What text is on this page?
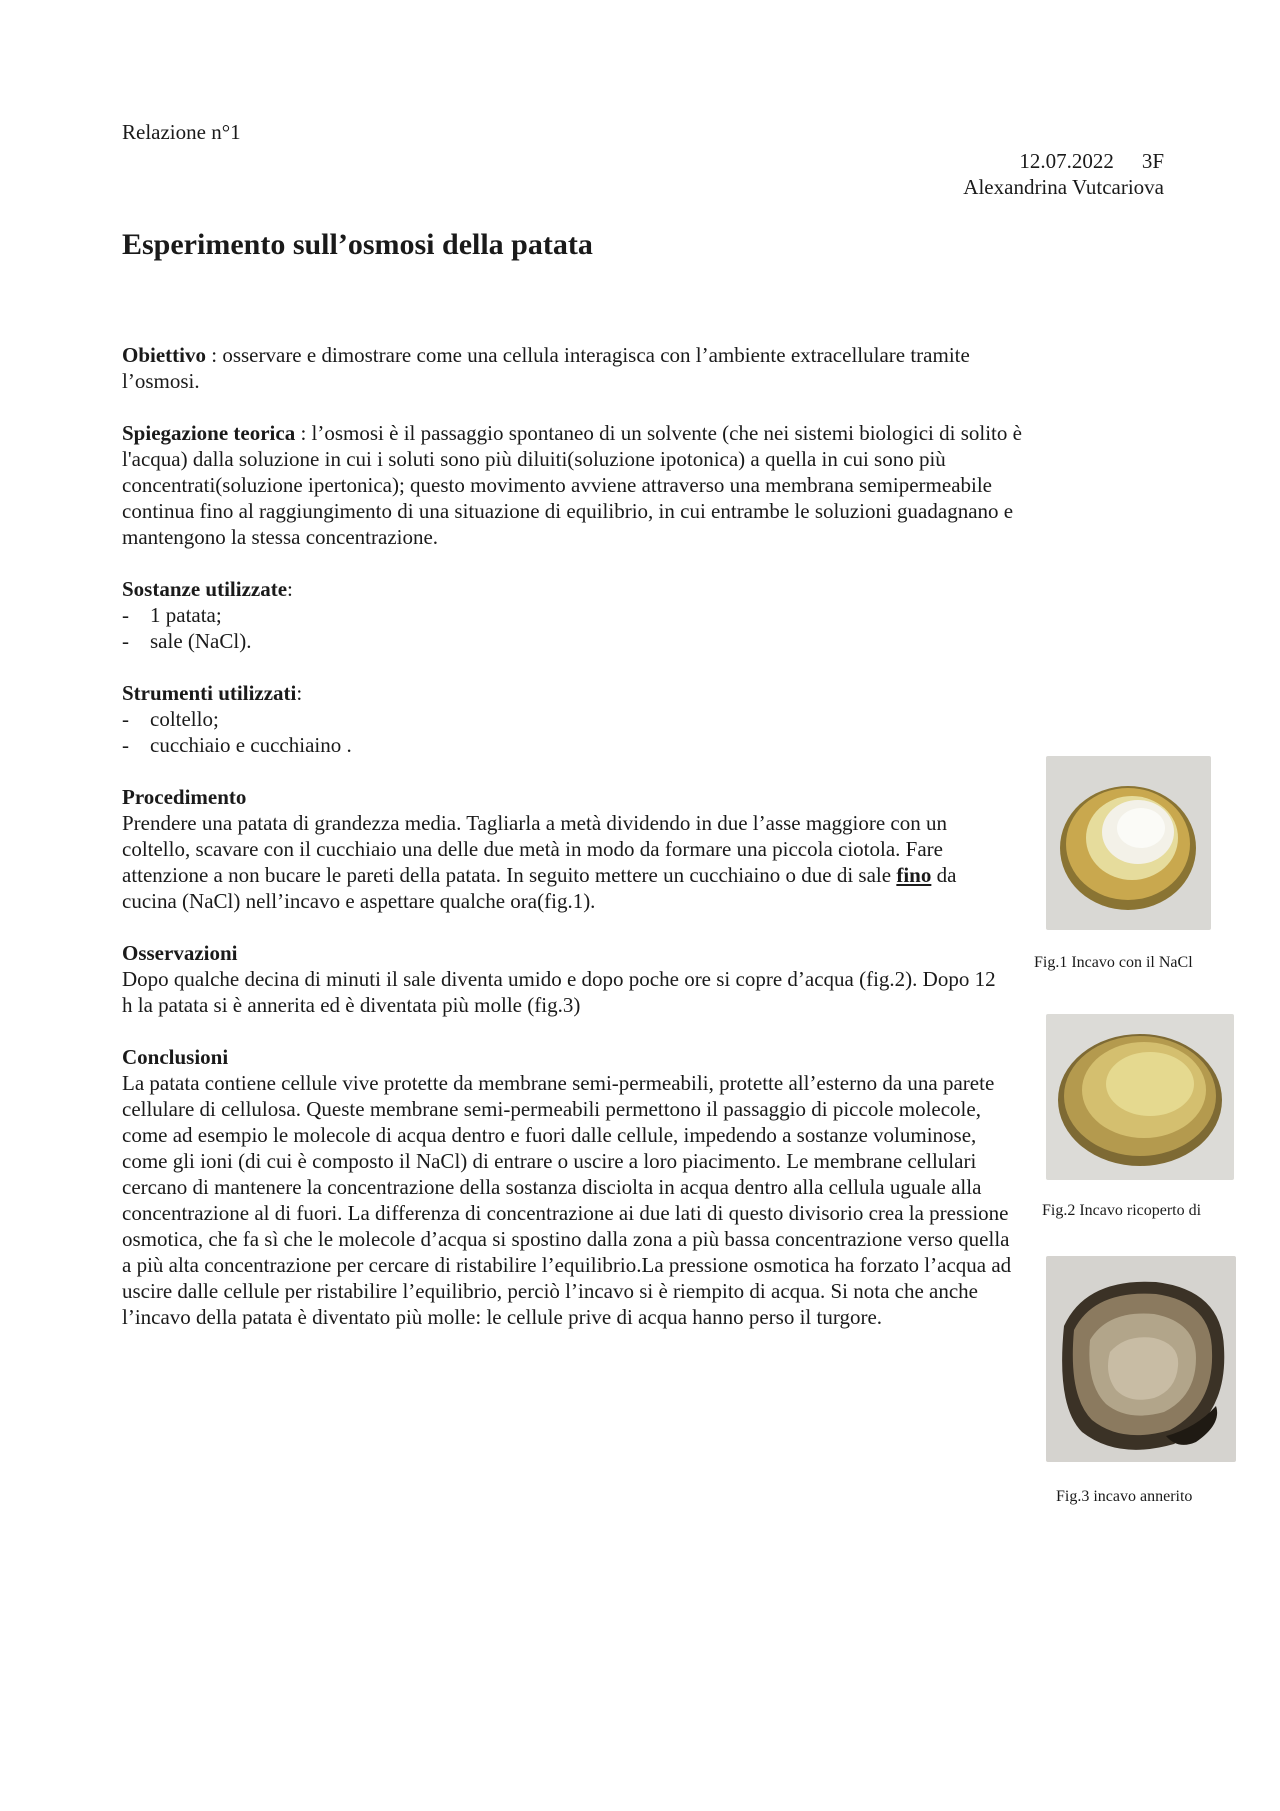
Relazione n°1
12.07.2022 3F
Alexandrina Vutcariova
Esperimento sull’osmosi della patata

Obiettivo : osservare e dimostrare come una cellula interagisca con l’ambiente extracellulare tramite l’osmosi.

Spiegazione teorica : l’osmosi è il passaggio spontaneo di un solvente (che nei sistemi biologici di solito è l'acqua) dalla soluzione in cui i soluti sono più diluiti(soluzione ipotonica) a quella in cui sono più concentrati(soluzione ipertonica); questo movimento avviene attraverso una membrana semipermeabile continua fino al raggiungimento di una situazione di equilibrio, in cui entrambe le soluzioni guadagnano e mantengono la stessa concentrazione.

Sostanze utilizzate:

- 1 patata;
- sale (NaCl).

Strumenti utilizzati:

- coltello;
- cucchiaio e cucchiaino .

Procedimento

Prendere una patata di grandezza media. Tagliarla a metà dividendo in due l’asse maggiore con un coltello, scavare con il cucchiaio una delle due metà in modo da formare una piccola ciotola. Fare attenzione a non bucare le pareti della patata. In seguito mettere un cucchiaino o due di sale fino da cucina (NaCl) nell’incavo e aspettare qualche ora(fig.1).

Osservazioni

Dopo qualche decina di minuti il sale diventa umido e dopo poche ore si copre d’acqua (fig.2). Dopo 12 h la patata si è annerita ed è diventata più molle (fig.3)

Conclusioni

La patata contiene cellule vive protette da membrane semi-permeabili, protette all’esterno da una parete cellulare di cellulosa. Queste membrane semi-permeabili permettono il passaggio di piccole molecole, come ad esempio le molecole di acqua dentro e fuori dalle cellule, impedendo a sostanze voluminose, come gli ioni (di cui è composto il NaCl) di entrare o uscire a loro piacimento. Le membrane cellulari cercano di mantenere la concentrazione della sostanza disciolta in acqua dentro alla cellula uguale alla concentrazione al di fuori. La differenza di concentrazione ai due lati di questo divisorio crea la pressione osmotica, che fa sì che le molecole d’acqua si spostino dalla zona a più bassa concentrazione verso quella a più alta concentrazione per cercare di ristabilire l’equilibrio.La pressione osmotica ha forzato l’acqua ad uscire dalle cellule per ristabilire l’equilibrio, perciò l’incavo si è riempito di acqua. Si nota che anche l’incavo della patata è diventato più molle: le cellule prive di acqua hanno perso il turgore.

Fig.1 Incavo con il NaCl
Fig.2 Incavo ricoperto di
Fig.3 incavo annerito
